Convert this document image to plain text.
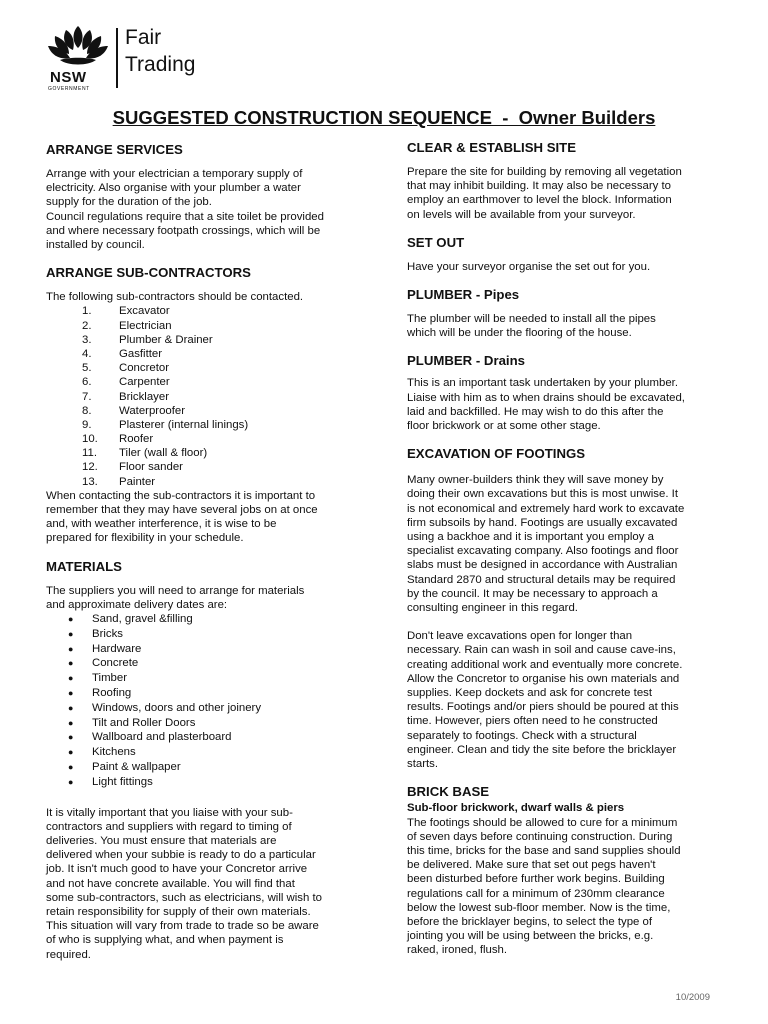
NSW
GOVERNMENT
Fair
Trading
SUGGESTED CONSTRUCTION SEQUENCE  -  Owner Builders
ARRANGE SERVICES

Arrange with your electrician a temporary supply of
electricity. Also organise with your plumber a water
supply for the duration of the job.
Council regulations require that a site toilet be provided
and where necessary footpath crossings, which will be
installed by council.

ARRANGE SUB-CONTRACTORS

The following sub-contractors should be contacted.

1.	Excavator
2.	Electrician
3.	Plumber & Drainer
4.	Gasfitter
5.	Concretor
6.	Carpenter
7.	Bricklayer
8.	Waterproofer
9.	Plasterer (internal linings)
10.	Roofer
11.	Tiler (wall & floor)
12.	Floor sander
13.	Painter

When contacting the sub-contractors it is important to
remember that they may have several jobs on at once
and, with weather interference, it is wise to be
prepared for flexibility in your schedule.

MATERIALS

The suppliers you will need to arrange for materials
and approximate delivery dates are:

● Sand, gravel &filling
● Bricks
● Hardware
● Concrete
● Timber
● Roofing
● Windows, doors and other joinery
● Tilt and Roller Doors
● Wallboard and plasterboard
● Kitchens
● Paint & wallpaper
● Light fittings

It is vitally important that you liaise with your sub-
contractors and suppliers with regard to timing of
deliveries. You must ensure that materials are
delivered when your subbie is ready to do a particular
job. It isn't much good to have your Concretor arrive
and not have concrete available. You will find that
some sub-contractors, such as electricians, will wish to
retain responsibility for supply of their own materials.
This situation will vary from trade to trade so be aware
of who is supplying what, and when payment is
required.

CLEAR & ESTABLISH SITE

Prepare the site for building by removing all vegetation
that may inhibit building. It may also be necessary to
employ an earthmover to level the block. Information
on levels will be available from your surveyor.

SET OUT

Have your surveyor organise the set out for you.

PLUMBER - Pipes

The plumber will be needed to install all the pipes
which will be under the flooring of the house.

PLUMBER - Drains

This is an important task undertaken by your plumber.
Liaise with him as to when drains should be excavated,
laid and backfilled. He may wish to do this after the
floor brickwork or at some other stage.

EXCAVATION OF FOOTINGS

Many owner-builders think they will save money by
doing their own excavations but this is most unwise. It
is not economical and extremely hard work to excavate
firm subsoils by hand. Footings are usually excavated
using a backhoe and it is important you employ a
specialist excavating company. Also footings and floor
slabs must be designed in accordance with Australian
Standard 2870 and structural details may be required
by the council. It may be necessary to approach a
consulting engineer in this regard.

Don't leave excavations open for longer than
necessary. Rain can wash in soil and cause cave-ins,
creating additional work and eventually more concrete.
Allow the Concretor to organise his own materials and
supplies. Keep dockets and ask for concrete test
results. Footings and/or piers should be poured at this
time. However, piers often need to he constructed
separately to footings. Check with a structural
engineer. Clean and tidy the site before the bricklayer
starts.

BRICK BASE
Sub-floor brickwork, dwarf walls & piers

The footings should be allowed to cure for a minimum
of seven days before continuing construction. During
this time, bricks for the base and sand supplies should
be delivered. Make sure that set out pegs haven't
been disturbed before further work begins. Building
regulations call for a minimum of 230mm clearance
below the lowest sub-floor member. Now is the time,
before the bricklayer begins, to select the type of
jointing you will be using between the bricks, e.g.
raked, ironed, flush.

10/2009
